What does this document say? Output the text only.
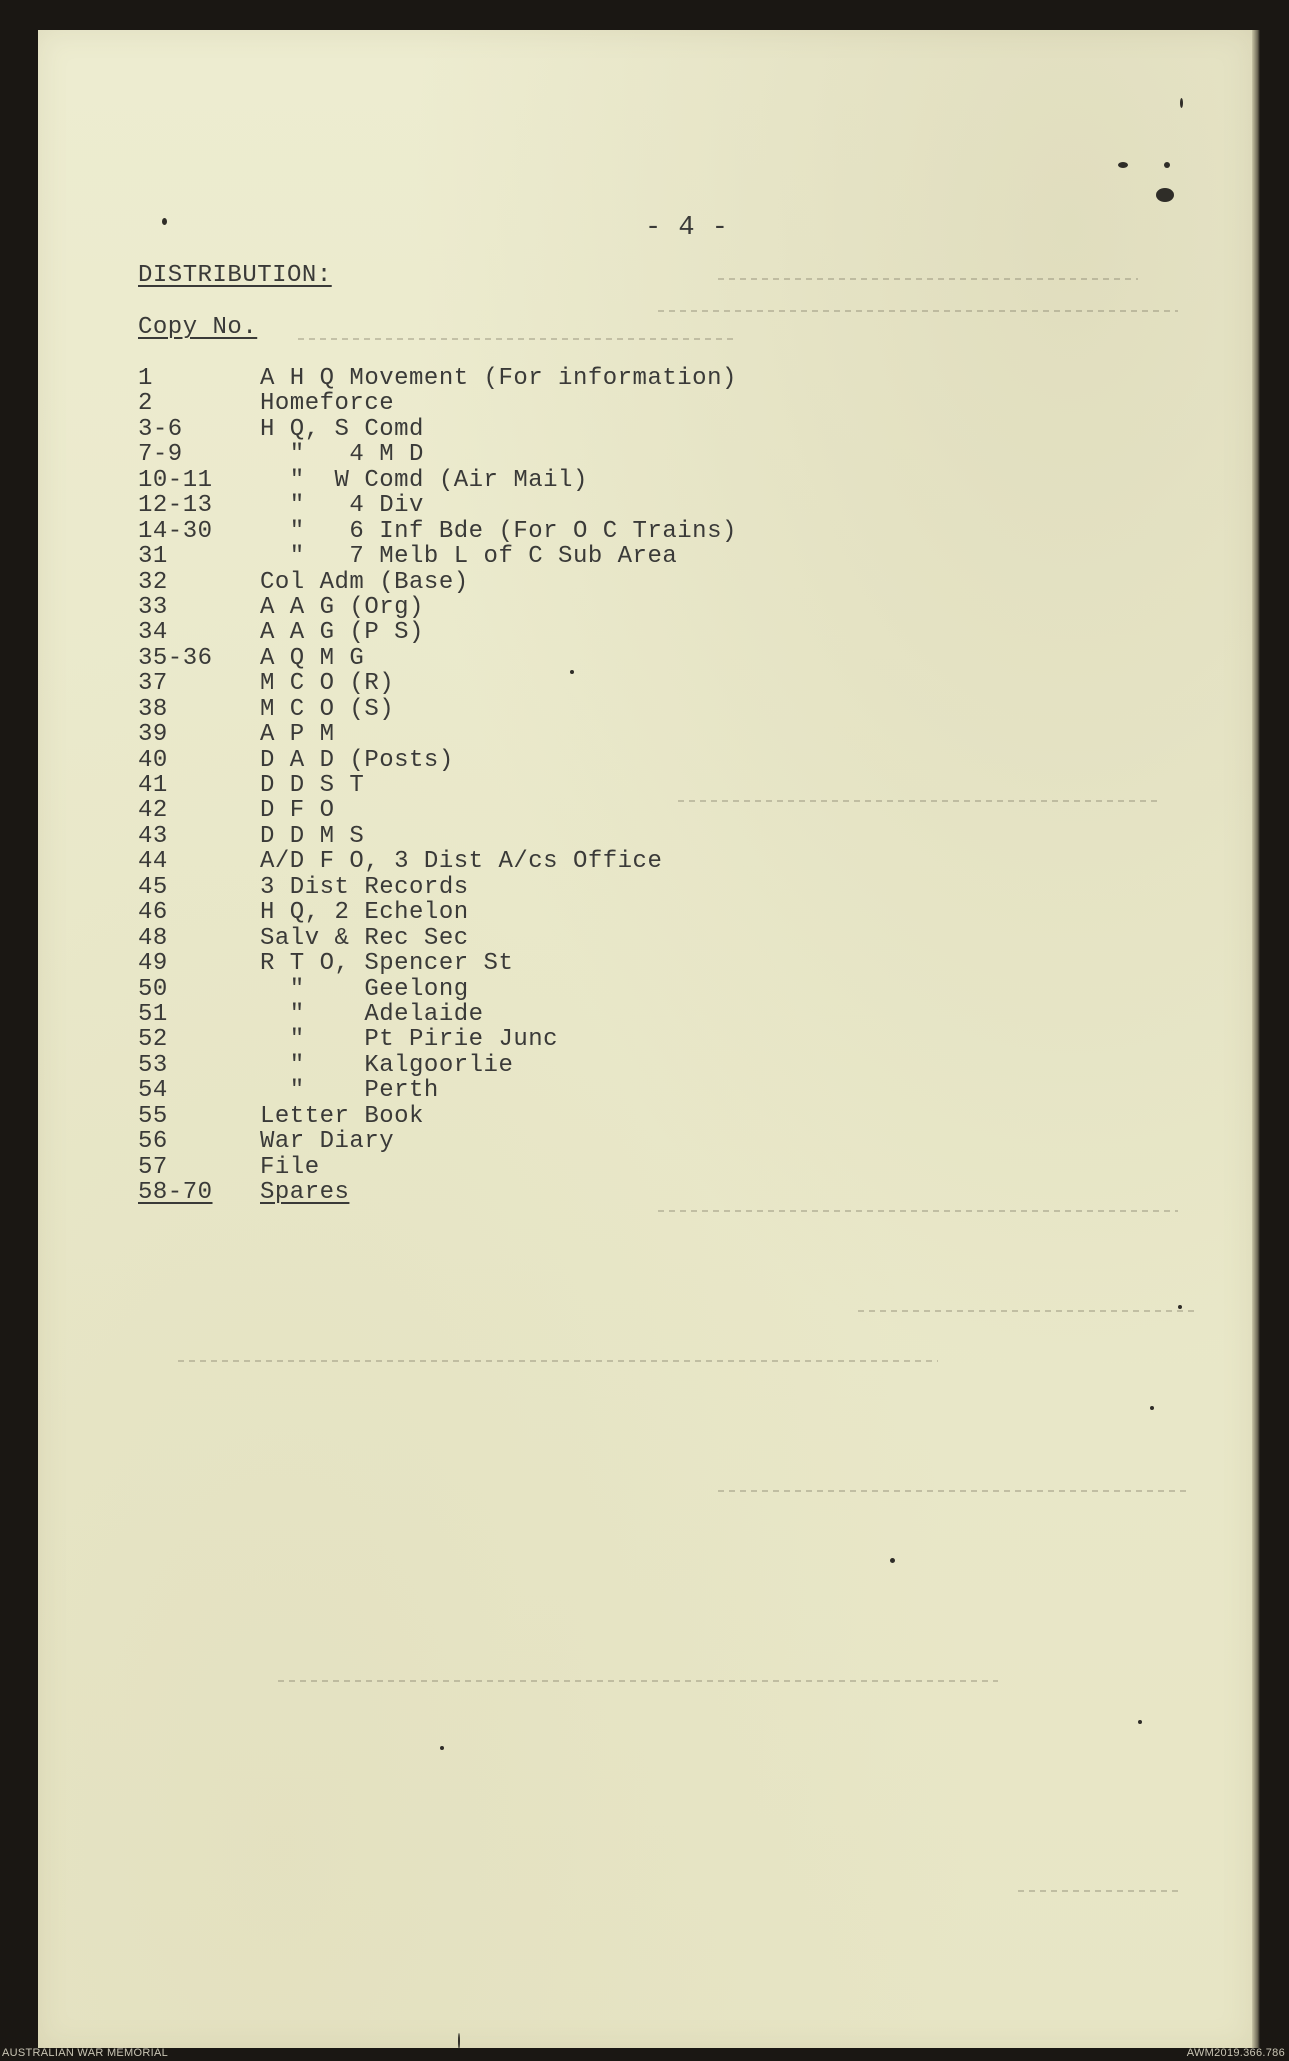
- 4 -
DISTRIBUTION:
Copy No.
1	A H Q Movement (For information)
2	Homeforce
3-6	H Q, S Comd
7-9	"   4 M D
10-11	"  W Comd (Air Mail)
12-13	"   4 Div
14-30	"   6 Inf Bde (For O C Trains)
31	"   7 Melb L of C Sub Area
32	Col Adm (Base)
33	A A G (Org)
34	A A G (P S)
35-36	A Q M G
37	M C O (R)
38	M C O (S)
39	A P M
40	D A D (Posts)
41	D D S T
42	D F O
43	D D M S
44	A/D F O, 3 Dist A/cs Office
45	3 Dist Records
46	H Q, 2 Echelon
48	Salv & Rec Sec
49	R T O, Spencer St
50	"    Geelong
51	"    Adelaide
52	"    Pt Pirie Junc
53	"    Kalgoorlie
54	"    Perth
55	Letter Book
56	War Diary
57	File
58-70	Spares
AUSTRALIAN WAR MEMORIAL	AWM2019.366.786
